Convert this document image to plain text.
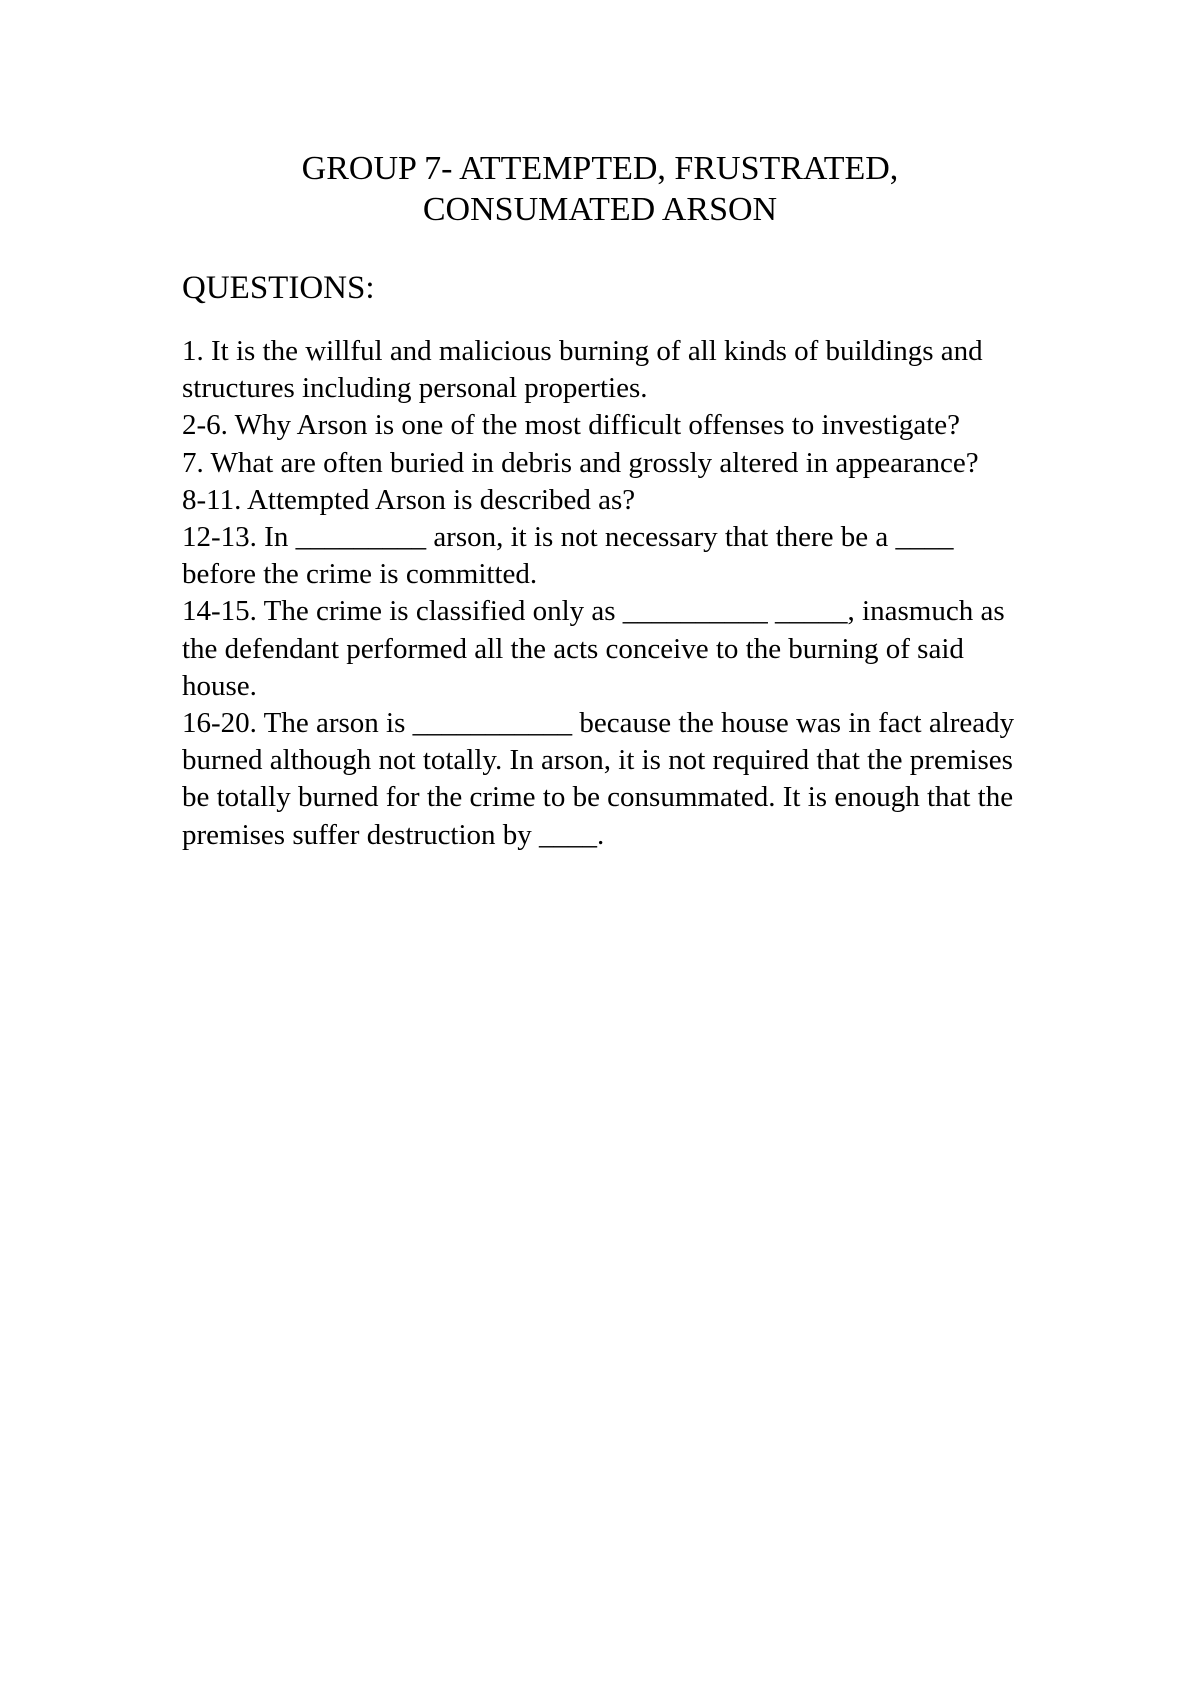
GROUP 7- ATTEMPTED, FRUSTRATED,
CONSUMATED ARSON
QUESTIONS:
1. It is the willful and malicious burning of all kinds of buildings and structures including personal properties.
2-6. Why Arson is one of the most difficult offenses to investigate?
7. What are often buried in debris and grossly altered in appearance?
8-11. Attempted Arson is described as?
12-13. In _________ arson, it is not necessary that there be a ____ before the crime is committed.
14-15. The crime is classified only as __________ _____, inasmuch as the defendant performed all the acts conceive to the burning of said house.
16-20. The arson is ___________ because the house was in fact already burned although not totally. In arson, it is not required that the premises be totally burned for the crime to be consummated. It is enough that the premises suffer destruction by ____.
